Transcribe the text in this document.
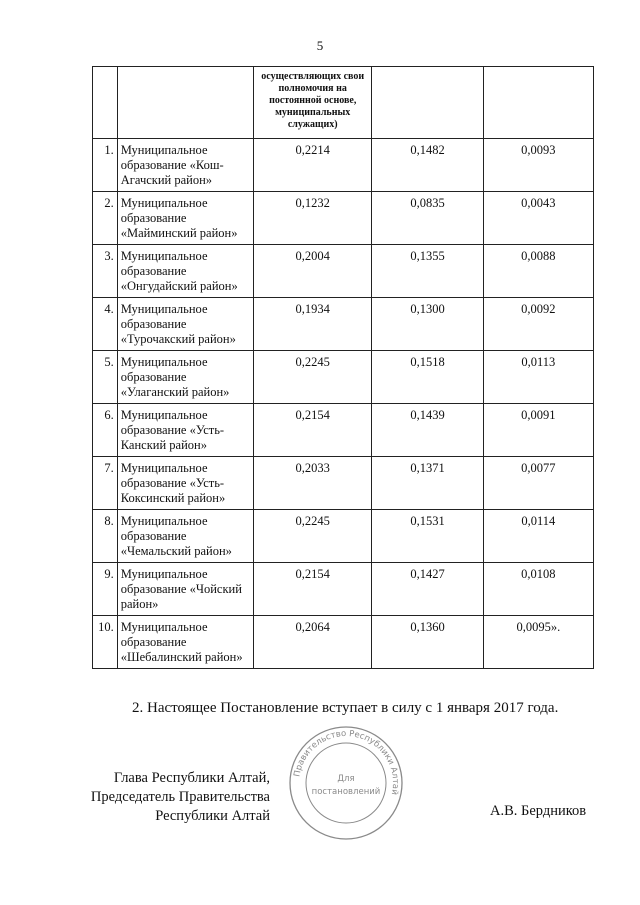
5

		осуществляющих свои полномочия на постоянной основе, муниципальных служащих)		

1.	Муниципальное образование «Кош-Агачский район»	0,2214	0,1482	0,0093
2.	Муниципальное образование «Майминский район»	0,1232	0,0835	0,0043
3.	Муниципальное образование «Онгудайский район»	0,2004	0,1355	0,0088
4.	Муниципальное образование «Турочакский район»	0,1934	0,1300	0,0092
5.	Муниципальное образование «Улаганский район»	0,2245	0,1518	0,0113
6.	Муниципальное образование «Усть-Канский район»	0,2154	0,1439	0,0091
7.	Муниципальное образование «Усть-Коксинский район»	0,2033	0,1371	0,0077
8.	Муниципальное образование «Чемальский район»	0,2245	0,1531	0,0114
9.	Муниципальное образование «Чойский район»	0,2154	0,1427	0,0108
10.	Муниципальное образование «Шебалинский район»	0,2064	0,1360	0,0095».
2. Настоящее Постановление вступает в силу с 1 января 2017 года.
Глава Республики Алтай,
Председатель Правительства
Республики Алтай
Правительство Республики Алтай
Для
постановлений
А.В. Бердников
